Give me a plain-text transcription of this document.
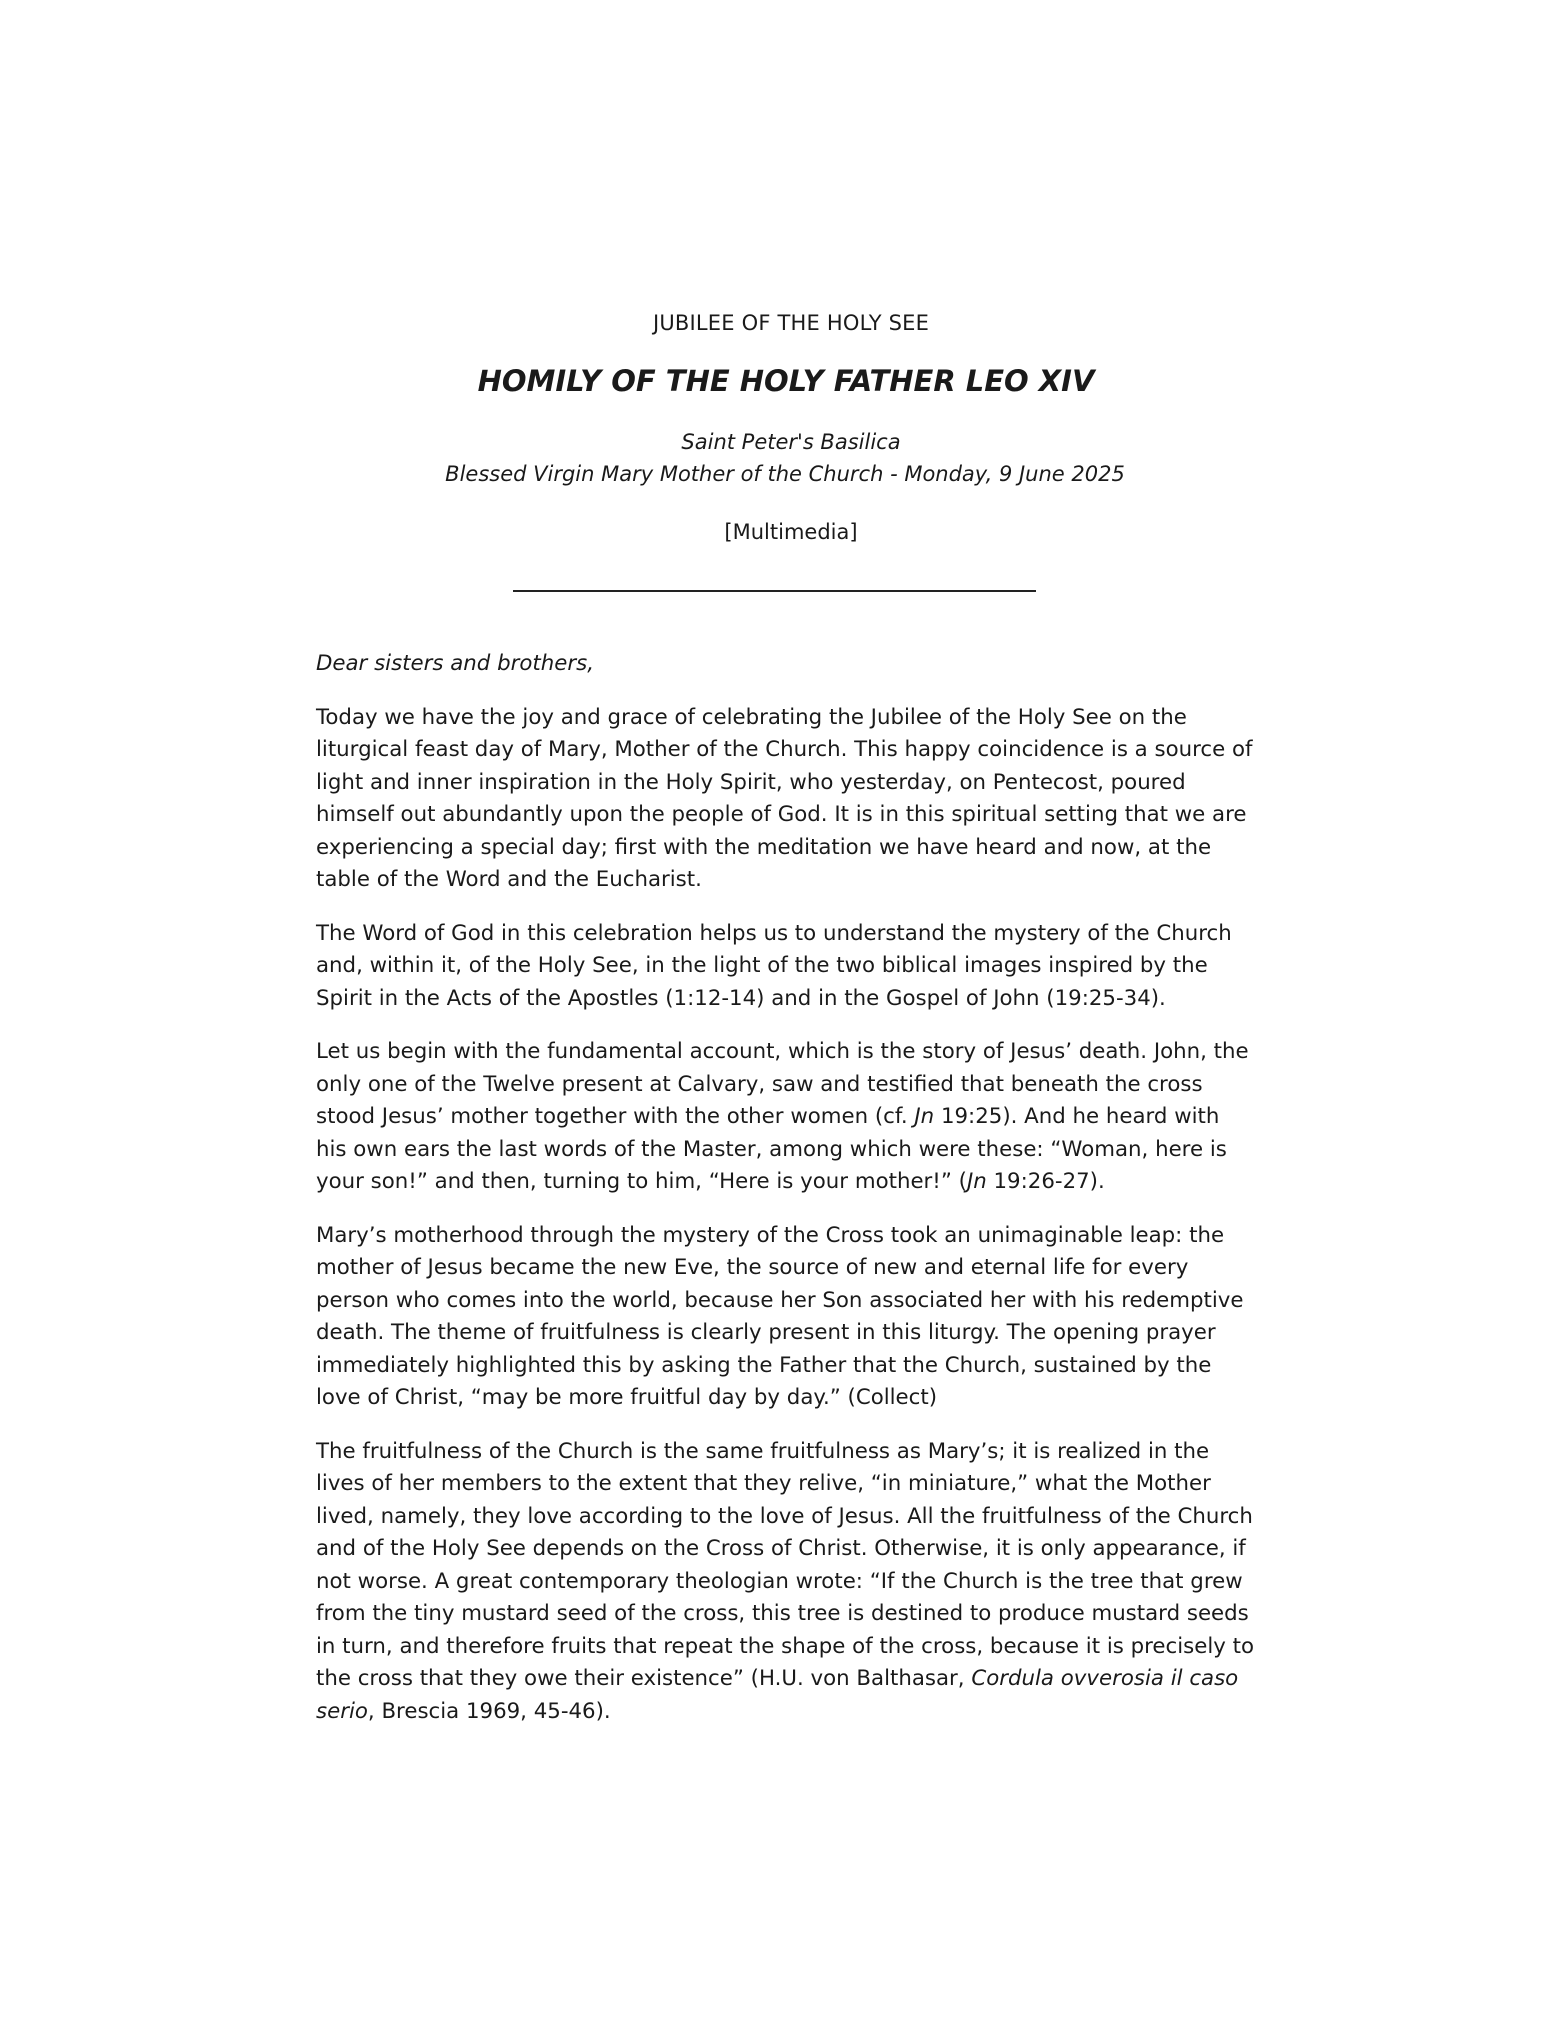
JUBILEE OF THE HOLY SEE

HOMILY OF THE HOLY FATHER LEO XIV

Saint Peter's Basilica

Blessed Virgin Mary Mother of the Church - Monday, 9 June 2025

[Multimedia]

Dear sisters and brothers,

Today we have the joy and grace of celebrating the Jubilee of the Holy See on the liturgical feast day of Mary, Mother of the Church. This happy coincidence is a source of light and inner inspiration in the Holy Spirit, who yesterday, on Pentecost, poured himself out abundantly upon the people of God. It is in this spiritual setting that we are experiencing a special day; first with the meditation we have heard and now, at the table of the Word and the Eucharist.

The Word of God in this celebration helps us to understand the mystery of the Church and, within it, of the Holy See, in the light of the two biblical images inspired by the Spirit in the Acts of the Apostles (1:12-14) and in the Gospel of John (19:25-34).

Let us begin with the fundamental account, which is the story of Jesus’ death. John, the only one of the Twelve present at Calvary, saw and testified that beneath the cross stood Jesus’ mother together with the other women (cf. Jn 19:25). And he heard with his own ears the last words of the Master, among which were these: “Woman, here is your son!” and then, turning to him, “Here is your mother!” (Jn 19:26-27).

Mary’s motherhood through the mystery of the Cross took an unimaginable leap: the mother of Jesus became the new Eve, the source of new and eternal life for every person who comes into the world, because her Son associated her with his redemptive death. The theme of fruitfulness is clearly present in this liturgy. The opening prayer immediately highlighted this by asking the Father that the Church, sustained by the love of Christ, “may be more fruitful day by day.” (Collect)

The fruitfulness of the Church is the same fruitfulness as Mary’s; it is realized in the lives of her members to the extent that they relive, “in miniature,” what the Mother lived, namely, they love according to the love of Jesus. All the fruitfulness of the Church and of the Holy See depends on the Cross of Christ. Otherwise, it is only appearance, if not worse. A great contemporary theologian wrote: “If the Church is the tree that grew from the tiny mustard seed of the cross, this tree is destined to produce mustard seeds in turn, and therefore fruits that repeat the shape of the cross, because it is precisely to the cross that they owe their existence” (H.U. von Balthasar, Cordula ovverosia il caso serio, Brescia 1969, 45-46).
